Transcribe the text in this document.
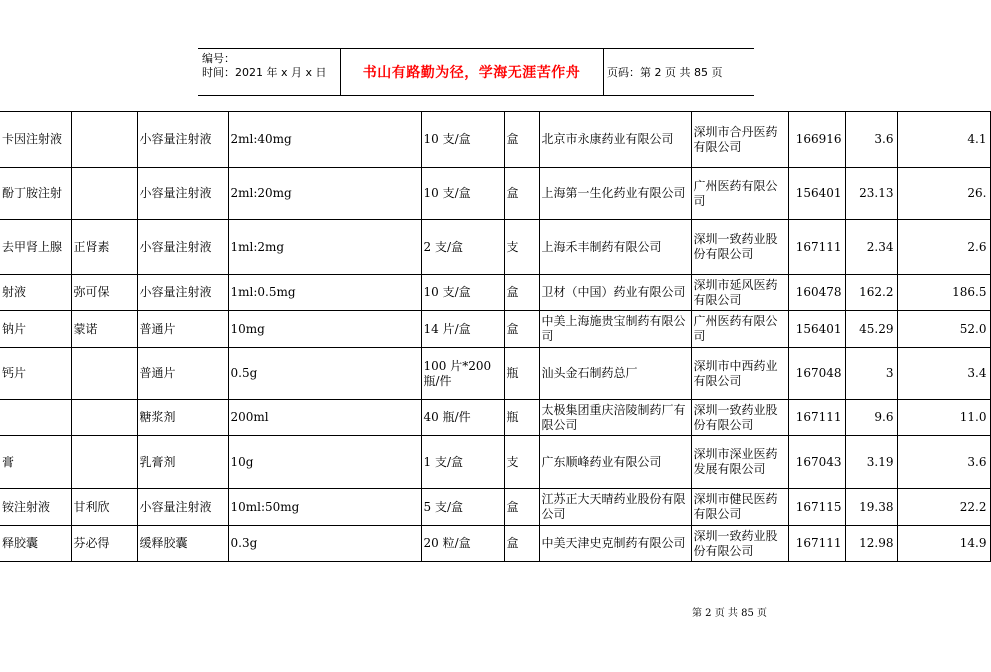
编号：
时间：2021 年 x 月 x 日	书山有路勤为径，学海无涯苦作舟	页码：第 2 页 共 85 页
卡因注射液		小容量注射液	2ml:40mg	10 支/盒	盒	北京市永康药业有限公司	深圳市合丹医药有限公司	166916	3.6	4.1
酚丁胺注射		小容量注射液	2ml:20mg	10 支/盒	盒	上海第一生化药业有限公司	广州医药有限公司	156401	23.13	26.
去甲肾上腺	正肾素	小容量注射液	1ml:2mg	2 支/盒	支	上海禾丰制药有限公司	深圳一致药业股份有限公司	167111	2.34	2.6
射液	弥可保	小容量注射液	1ml:0.5mg	10 支/盒	盒	卫材（中国）药业有限公司	深圳市延风医药有限公司	160478	162.2	186.5
钠片	蒙诺	普通片	10mg	14 片/盒	盒	中美上海施贵宝制药有限公司	广州医药有限公司	156401	45.29	52.0
钙片		普通片	0.5g	100 片*200 瓶/件	瓶	汕头金石制药总厂	深圳市中西药业有限公司	167048	3	3.4
		糖浆剂	200ml	40 瓶/件	瓶	太极集团重庆涪陵制药厂有限公司	深圳一致药业股份有限公司	167111	9.6	11.0
膏		乳膏剂	10g	1 支/盒	支	广东顺峰药业有限公司	深圳市深业医药发展有限公司	167043	3.19	3.6
铵注射液	甘利欣	小容量注射液	10ml:50mg	5 支/盒	盒	江苏正大天晴药业股份有限公司	深圳市健民医药有限公司	167115	19.38	22.2
释胶囊	芬必得	缓释胶囊	0.3g	20 粒/盒	盒	中美天津史克制药有限公司	深圳一致药业股份有限公司	167111	12.98	14.9
第 2 页 共 85 页
